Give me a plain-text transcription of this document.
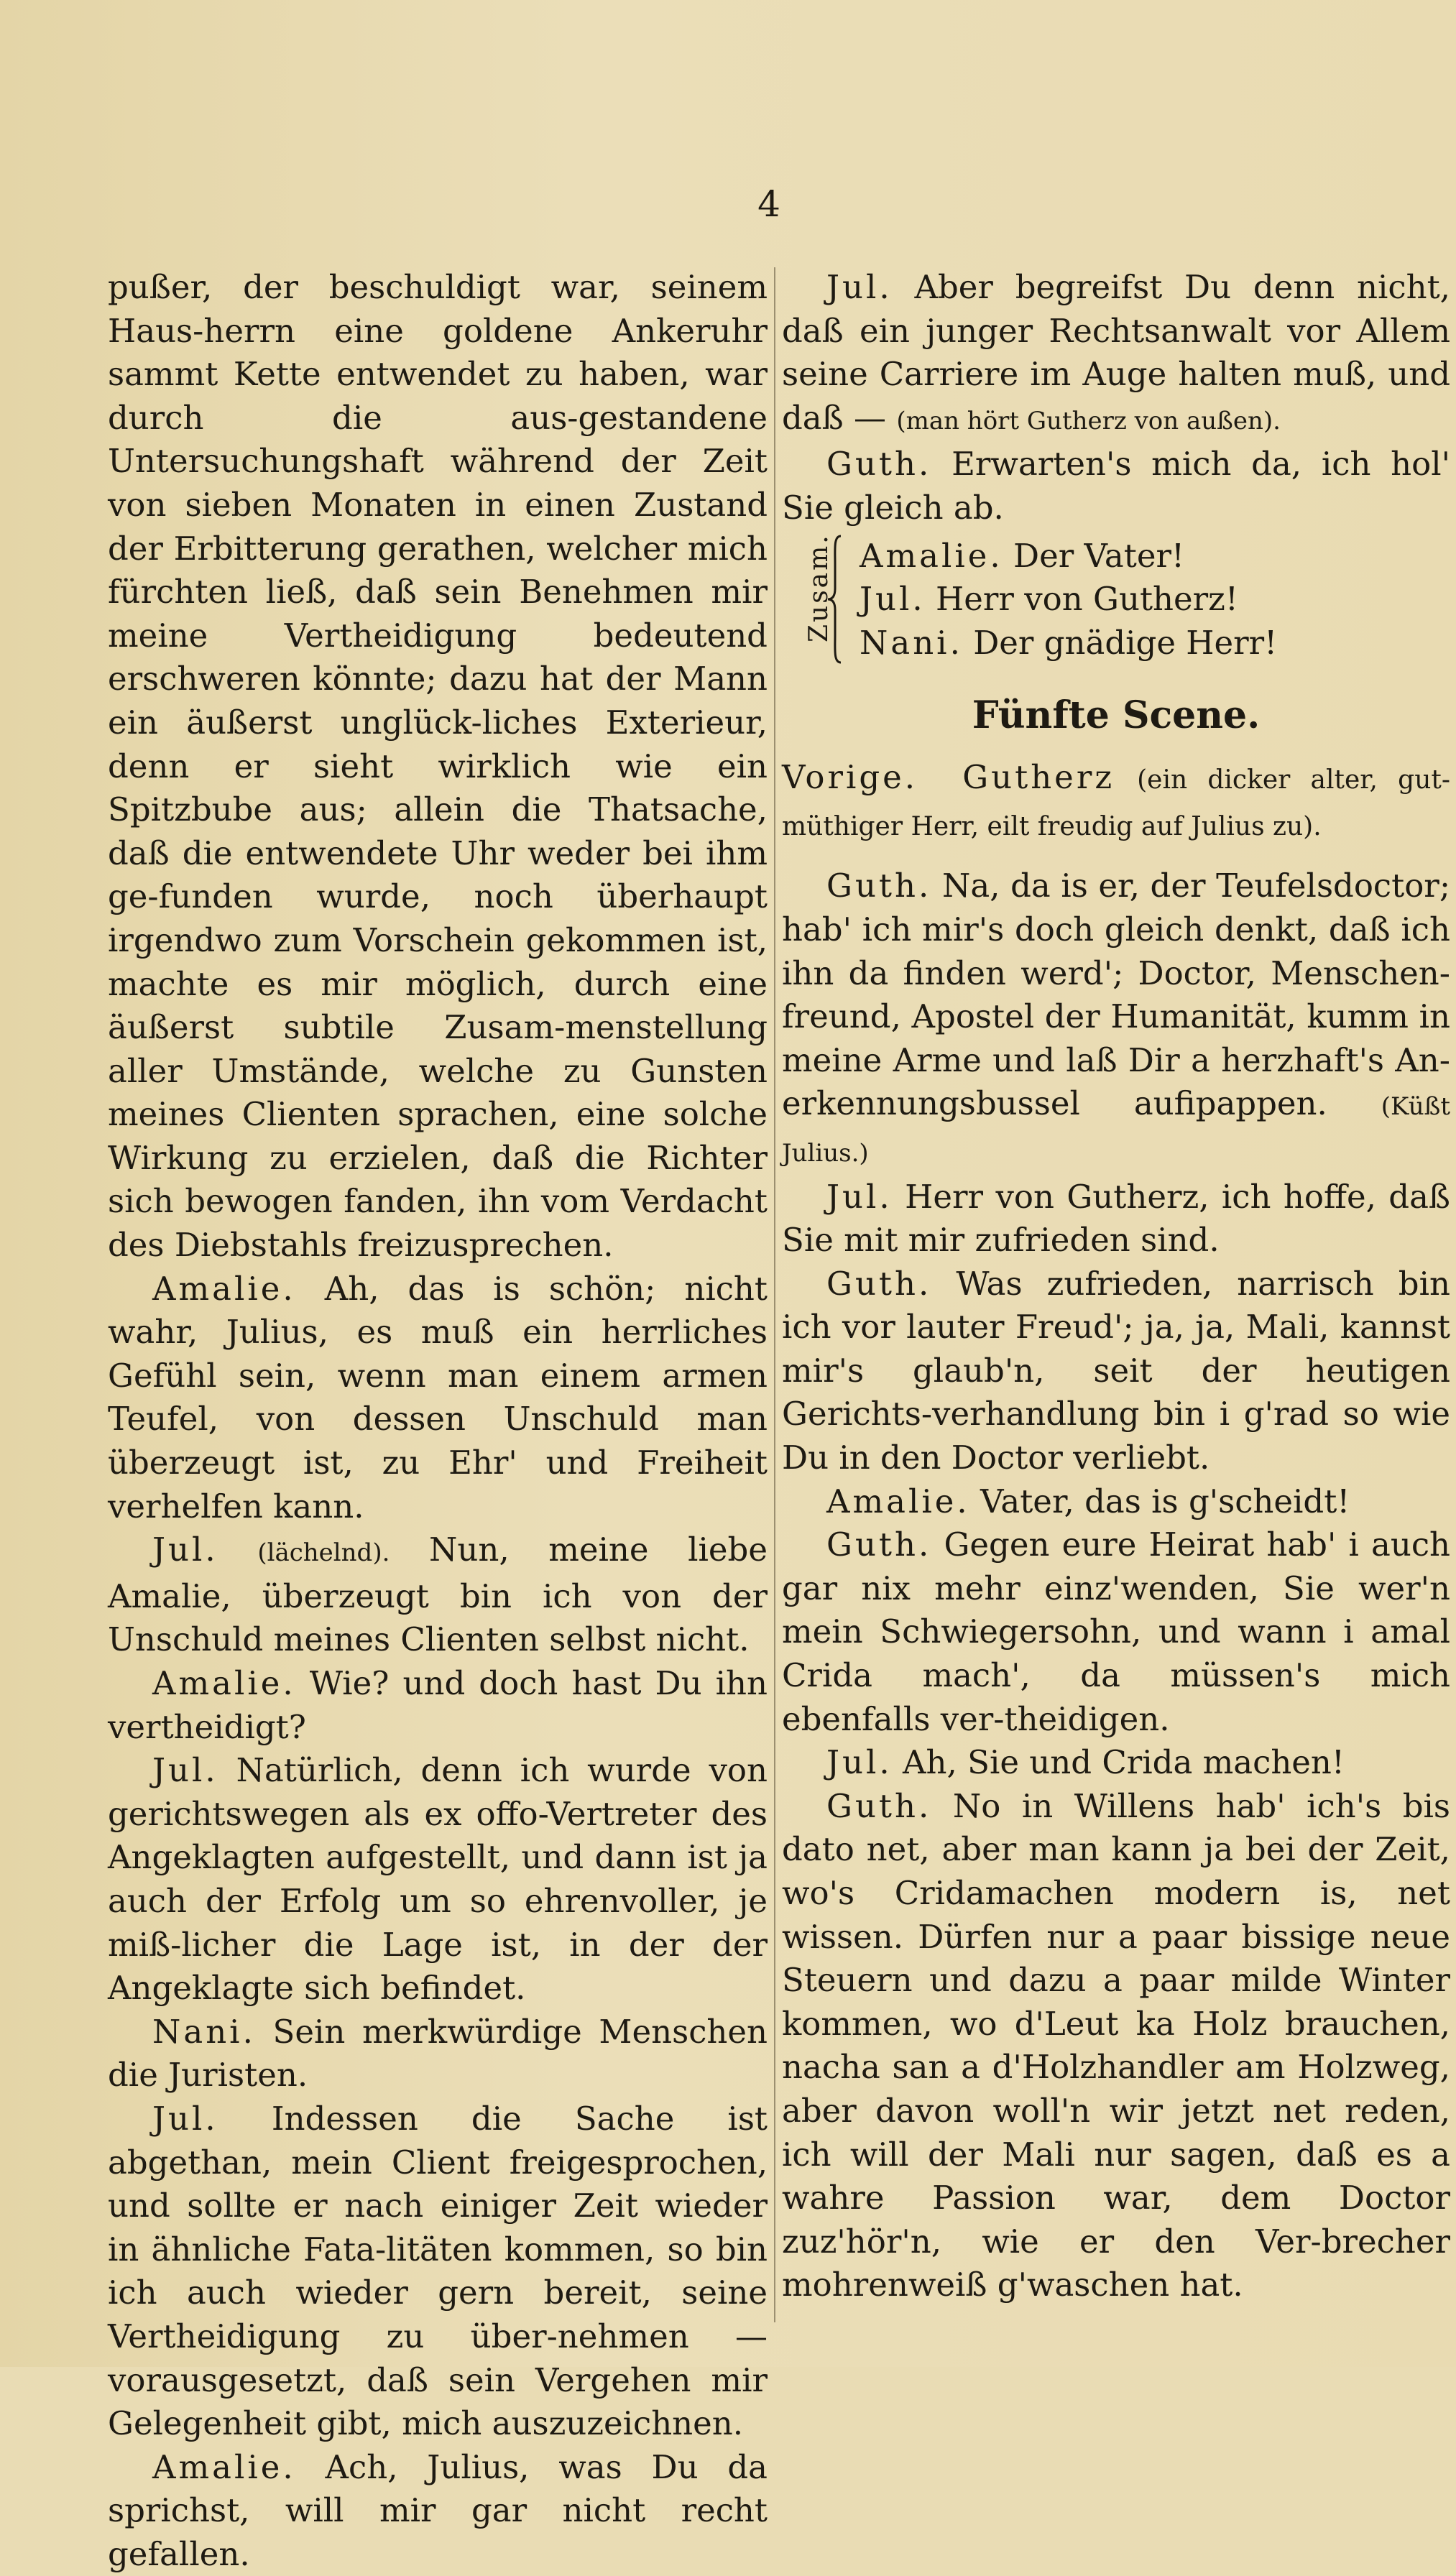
4

pußer, der beschuldigt war, seinem Haus-herrn eine goldene Ankeruhr sammt Kette entwendet zu haben, war durch die aus-gestandene Untersuchungshaft während der Zeit von sieben Monaten in einen Zustand der Erbitterung gerathen, welcher mich fürchten ließ, daß sein Benehmen mir meine Vertheidigung bedeutend erschweren könnte; dazu hat der Mann ein äußerst unglück-liches Exterieur, denn er sieht wirklich wie ein Spitzbube aus; allein die Thatsache, daß die entwendete Uhr weder bei ihm ge-funden wurde, noch überhaupt irgendwo zum Vorschein gekommen ist, machte es mir möglich, durch eine äußerst subtile Zusam-menstellung aller Umstände, welche zu Gunsten meines Clienten sprachen, eine solche Wirkung zu erzielen, daß die Richter sich bewogen fanden, ihn vom Verdacht des Diebstahls freizusprechen.

Amalie. Ah, das is schön; nicht wahr, Julius, es muß ein herrliches Gefühl sein, wenn man einem armen Teufel, von dessen Unschuld man überzeugt ist, zu Ehr' und Freiheit verhelfen kann.

Jul. (lächelnd). Nun, meine liebe Amalie, überzeugt bin ich von der Unschuld meines Clienten selbst nicht.

Amalie. Wie? und doch hast Du ihn vertheidigt?

Jul. Natürlich, denn ich wurde von gerichtswegen als ex offo-Vertreter des Angeklagten aufgestellt, und dann ist ja auch der Erfolg um so ehrenvoller, je miß-licher die Lage ist, in der der Angeklagte sich befindet.

Nani. Sein merkwürdige Menschen die Juristen.

Jul. Indessen die Sache ist abgethan, mein Client freigesprochen, und sollte er nach einiger Zeit wieder in ähnliche Fata-litäten kommen, so bin ich auch wieder gern bereit, seine Vertheidigung zu über-nehmen — vorausgesetzt, daß sein Vergehen mir Gelegenheit gibt, mich auszuzeichnen.

Amalie. Ach, Julius, was Du da sprichst, will mir gar nicht recht gefallen.

Jul. Aber begreifst Du denn nicht, daß ein junger Rechtsanwalt vor Allem seine Carriere im Auge halten muß, und daß — (man hört Gutherz von außen).

Guth. Erwarten's mich da, ich hol' Sie gleich ab.

Zusam. Amalie. Der Vater!
Jul. Herr von Gutherz!
Nani. Der gnädige Herr!
Fünfte Scene.

Vorige. Gutherz (ein dicker alter, gut-müthiger Herr, eilt freudig auf Julius zu).

Guth. Na, da is er, der Teufelsdoctor; hab' ich mir's doch gleich denkt, daß ich ihn da finden werd'; Doctor, Menschen-freund, Apostel der Humanität, kumm in meine Arme und laß Dir a herzhaft's An-erkennungsbussel aufipappen. (Küßt Julius.)

Jul. Herr von Gutherz, ich hoffe, daß Sie mit mir zufrieden sind.

Guth. Was zufrieden, narrisch bin ich vor lauter Freud'; ja, ja, Mali, kannst mir's glaub'n, seit der heutigen Gerichts-verhandlung bin i g'rad so wie Du in den Doctor verliebt.

Amalie. Vater, das is g'scheidt!

Guth. Gegen eure Heirat hab' i auch gar nix mehr einz'wenden, Sie wer'n mein Schwiegersohn, und wann i amal Crida mach', da müssen's mich ebenfalls ver-theidigen.

Jul. Ah, Sie und Crida machen!

Guth. No in Willens hab' ich's bis dato net, aber man kann ja bei der Zeit, wo's Cridamachen modern is, net wissen. Dürfen nur a paar bissige neue Steuern und dazu a paar milde Winter kommen, wo d'Leut ka Holz brauchen, nacha san a d'Holzhandler am Holzweg, aber davon woll'n wir jetzt net reden, ich will der Mali nur sagen, daß es a wahre Passion war, dem Doctor zuz'hör'n, wie er den Ver-brecher mohrenweiß g'waschen hat.
